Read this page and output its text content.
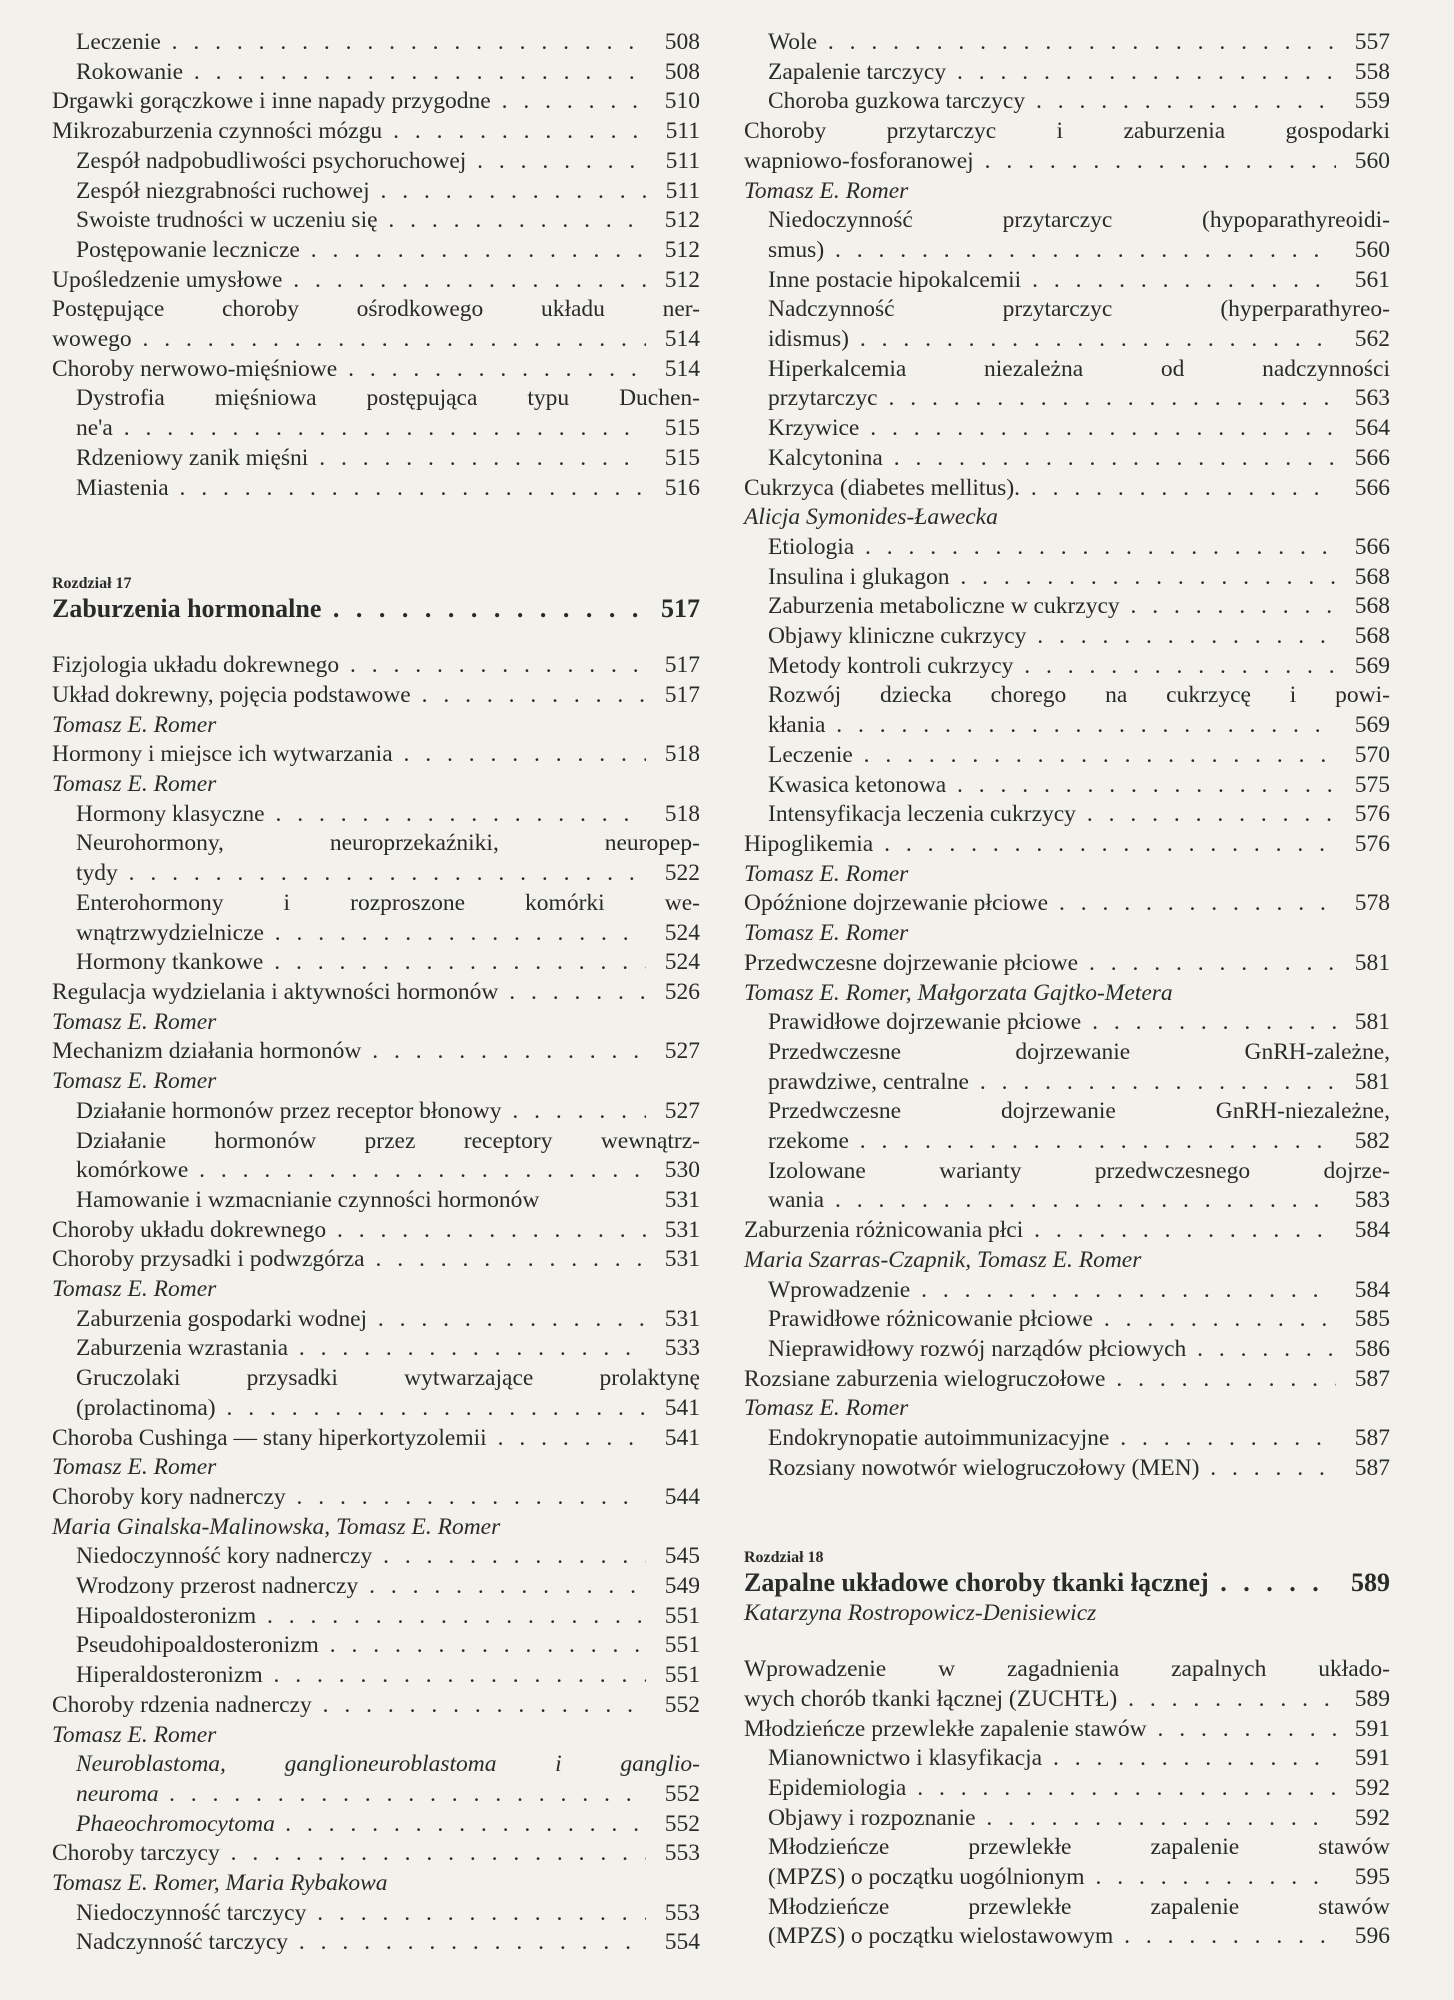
Leczenie . . .	508
Rokowanie . . .	508
Drgawki gorączkowe i inne napady przygodne . . .	510
Mikrozaburzenia czynności mózgu . . .	511
Zespół nadpobudliwości psychoruchowej . . .	511
Zespół niezgrabności ruchowej . . .	511
Swoiste trudności w uczeniu się . . .	512
Postępowanie lecznicze . . .	512
Upośledzenie umysłowe . . .	512
Postępujące choroby ośrodkowego układu ner-
wowego . . .	514
Choroby nerwowo-mięśniowe . . .	514
Dystrofia mięśniowa postępująca typu Duchen-
ne'a . . .	515
Rdzeniowy zanik mięśni . . .	515
Miastenia . . .	516
Rozdział 17
Zaburzenia hormonalne . . .	517
Fizjologia układu dokrewnego . . .	517
Układ dokrewny, pojęcia podstawowe . . .	517
Tomasz E. Romer
Hormony i miejsce ich wytwarzania . . .	518
Tomasz E. Romer
Hormony klasyczne . . .	518
Neurohormony, neuroprzekaźniki, neuropep-
tydy . . .	522
Enterohormony i rozproszone komórki we-
wnątrzwydzielnicze . . .	524
Hormony tkankowe . . .	524
Regulacja wydzielania i aktywności hormonów . . .	526
Tomasz E. Romer
Mechanizm działania hormonów . . .	527
Tomasz E. Romer
Działanie hormonów przez receptor błonowy . . .	527
Działanie hormonów przez receptory wewnątrz-
komórkowe . . .	530
Hamowanie i wzmacnianie czynności hormonów	531
Choroby układu dokrewnego . . .	531
Choroby przysadki i podwzgórza . . .	531
Tomasz E. Romer
Zaburzenia gospodarki wodnej . . .	531
Zaburzenia wzrastania . . .	533
Gruczolaki przysadki wytwarzające prolaktynę
(prolactinoma) . . .	541
Choroba Cushinga — stany hiperkortyzolemii . . .	541
Tomasz E. Romer
Choroby kory nadnerczy . . .	544
Maria Ginalska-Malinowska, Tomasz E. Romer
Niedoczynność kory nadnerczy . . .	545
Wrodzony przerost nadnerczy . . .	549
Hipoaldosteronizm . . .	551
Pseudohipoaldosteronizm . . .	551
Hiperaldosteronizm . . .	551
Choroby rdzenia nadnerczy . . .	552
Tomasz E. Romer
Neuroblastoma, ganglioneuroblastoma i ganglio-
neuroma . . .	552
Phaeochromocytoma . . .	552
Choroby tarczycy . . .	553
Tomasz E. Romer, Maria Rybakowa
Niedoczynność tarczycy . . .	553
Nadczynność tarczycy . . .	554
Wole . . .	557
Zapalenie tarczycy . . .	558
Choroba guzkowa tarczycy . . .	559
Choroby przytarczyc i zaburzenia gospodarki
wapniowo-fosforanowej . . .	560
Tomasz E. Romer
Niedoczynność przytarczyc (hypoparathyreoidi-
smus) . . .	560
Inne postacie hipokalcemii . . .	561
Nadczynność przytarczyc (hyperparathyreo-
idismus) . . .	562
Hiperkalcemia niezależna od nadczynności
przytarczyc . . .	563
Krzywice . . .	564
Kalcytonina . . .	566
Cukrzyca (diabetes mellitus). . . .	566
Alicja Symonides-Ławecka
Etiologia . . .	566
Insulina i glukagon . . .	568
Zaburzenia metaboliczne w cukrzycy . . .	568
Objawy kliniczne cukrzycy . . .	568
Metody kontroli cukrzycy . . .	569
Rozwój dziecka chorego na cukrzycę i powi-
kłania . . .	569
Leczenie . . .	570
Kwasica ketonowa . . .	575
Intensyfikacja leczenia cukrzycy . . .	576
Hipoglikemia . . .	576
Tomasz E. Romer
Opóźnione dojrzewanie płciowe . . .	578
Tomasz E. Romer
Przedwczesne dojrzewanie płciowe . . .	581
Tomasz E. Romer, Małgorzata Gajtko-Metera
Prawidłowe dojrzewanie płciowe . . .	581
Przedwczesne dojrzewanie GnRH-zależne,
prawdziwe, centralne . . .	581
Przedwczesne dojrzewanie GnRH-niezależne,
rzekome . . .	582
Izolowane warianty przedwczesnego dojrze-
wania . . .	583
Zaburzenia różnicowania płci . . .	584
Maria Szarras-Czapnik, Tomasz E. Romer
Wprowadzenie . . .	584
Prawidłowe różnicowanie płciowe . . .	585
Nieprawidłowy rozwój narządów płciowych . . .	586
Rozsiane zaburzenia wielogruczołowe . . .	587
Tomasz E. Romer
Endokrynopatie autoimmunizacyjne . . .	587
Rozsiany nowotwór wielogruczołowy (MEN) . . .	587
Rozdział 18
Zapalne układowe choroby tkanki łącznej . . .	589
Katarzyna Rostropowicz-Denisiewicz
Wprowadzenie w zagadnienia zapalnych układo-
wych chorób tkanki łącznej (ZUCHTŁ) . . .	589
Młodzieńcze przewlekłe zapalenie stawów . . .	591
Mianownictwo i klasyfikacja . . .	591
Epidemiologia . . .	592
Objawy i rozpoznanie . . .	592
Młodzieńcze przewlekłe zapalenie stawów
(MPZS) o początku uogólnionym . . .	595
Młodzieńcze przewlekłe zapalenie stawów
(MPZS) o początku wielostawowym . . .	596
